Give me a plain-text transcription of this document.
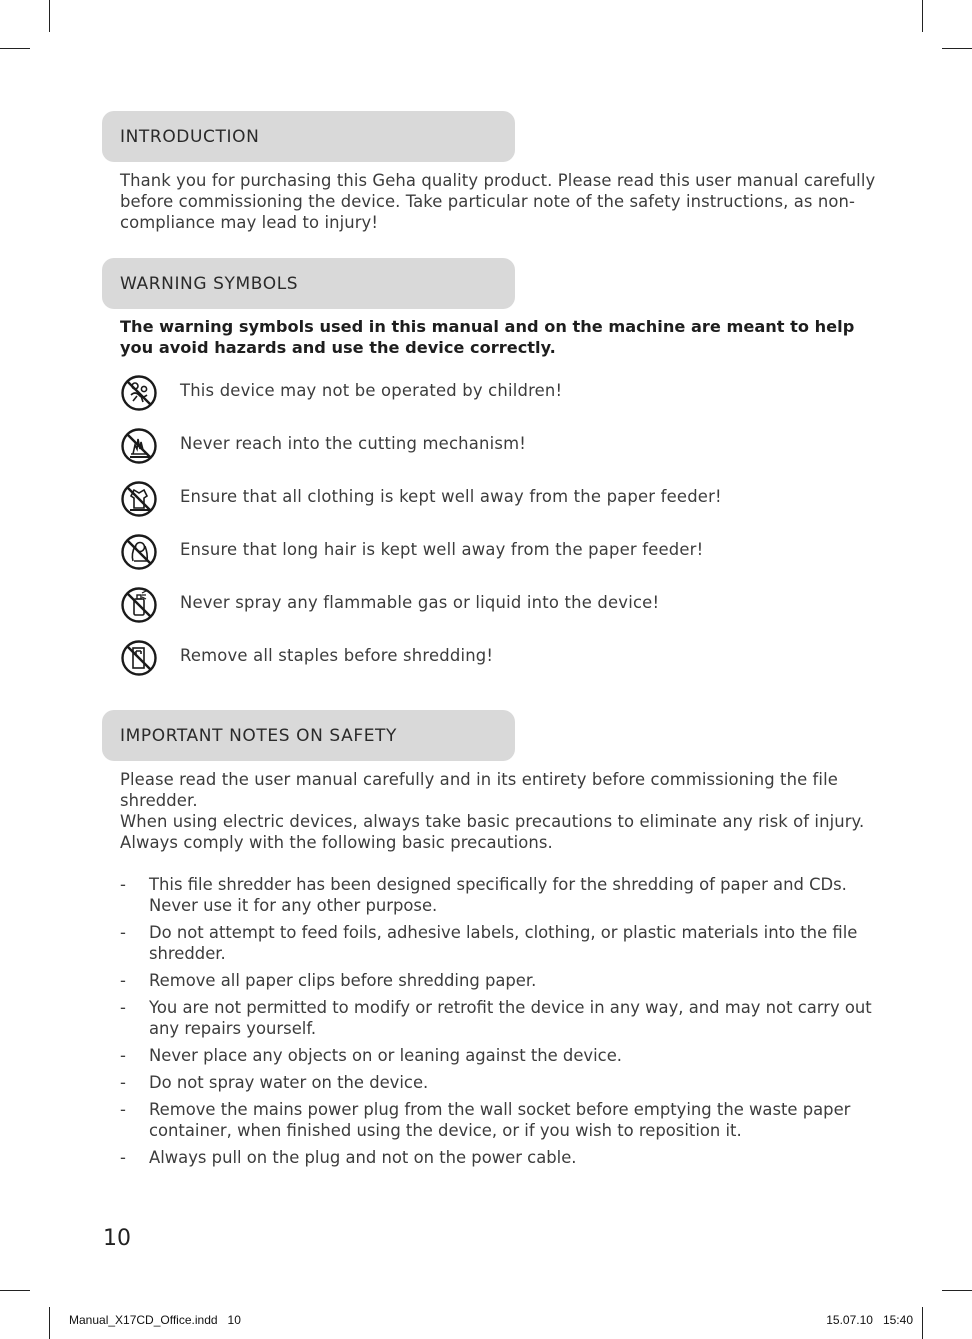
INTRODUCTION
Thank you for purchasing this Geha quality product. Please read this user manual carefully before commissioning the device. Take particular note of the safety instructions, as non-compliance may lead to injury!
WARNING SYMBOLS
The warning symbols used in this manual and on the machine are meant to help you avoid hazards and use the device correctly.
This device may not be operated by children!
Never reach into the cutting mechanism!
Ensure that all clothing is kept well away from the paper feeder!
Ensure that long hair is kept well away from the paper feeder!
Never spray any flammable gas or liquid into the device!
Remove all staples before shredding!
IMPORTANT NOTES ON SAFETY
Please read the user manual carefully and in its entirety before commissioning the file shredder.
When using electric devices, always take basic precautions to eliminate any risk of injury. Always comply with the following basic precautions.
- This file shredder has been designed specifically for the shredding of paper and CDs. Never use it for any other purpose.
- Do not attempt to feed foils, adhesive labels, clothing, or plastic materials into the file shredder.
- Remove all paper clips before shredding paper.
- You are not permitted to modify or retrofit the device in any way, and may not carry out any repairs yourself.
- Never place any objects on or leaning against the device.
- Do not spray water on the device.
- Remove the mains power plug from the wall socket before emptying the waste paper container, when finished using the device, or if you wish to reposition it.
- Always pull on the plug and not on the power cable.
10
Manual_X17CD_Office.indd   10	15.07.10   15:40
